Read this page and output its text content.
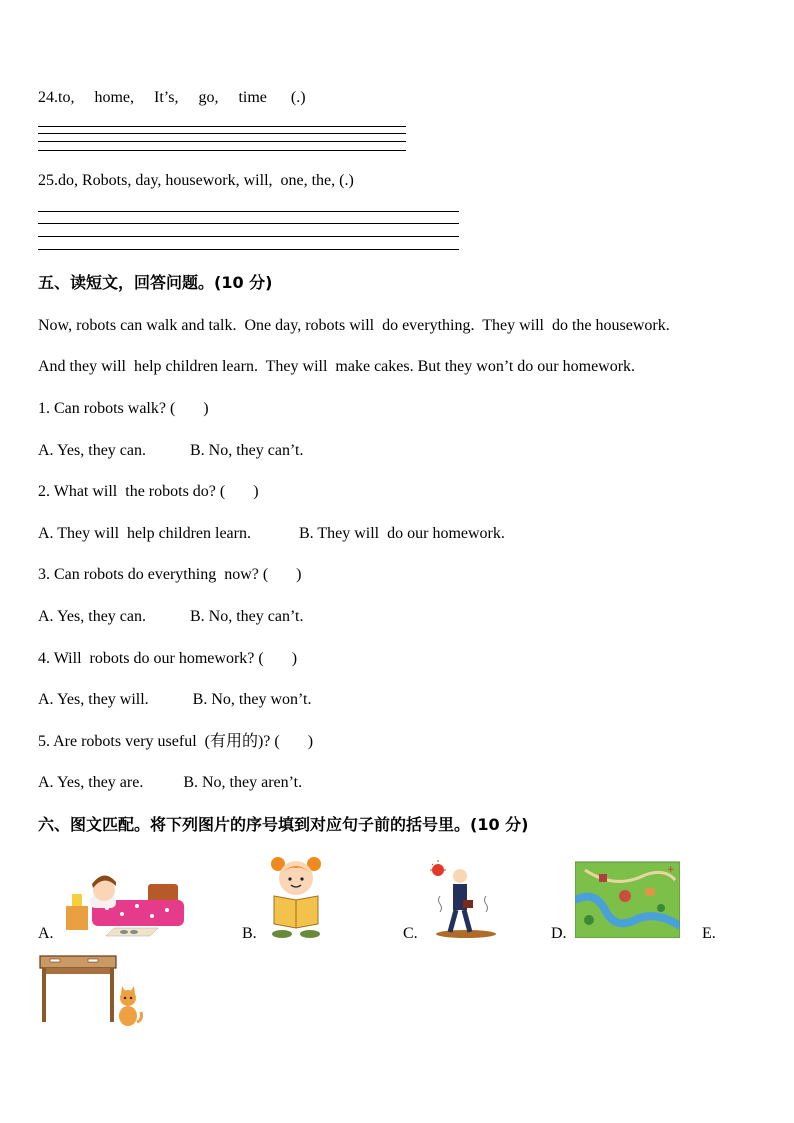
24.to,     home,     It’s,     go,     time      (.)
25.do, Robots, day, housework, will,  one, the, (.)
五、读短文，回答问题。(10 分)
Now, robots can walk and talk.  One day, robots will  do everything.  They will  do the housework.
And they will  help children learn.  They will  make cakes. But they won’t do our homework.
1. Can robots walk? (       )
A. Yes, they can.           B. No, they can’t.
2. What will  the robots do? (       )
A. They will  help children learn.            B. They will  do our homework.
3. Can robots do everything  now? (       )
A. Yes, they can.           B. No, they can’t.
4. Will  robots do our homework? (       )
A. Yes, they will.           B. No, they won’t.
5. Are robots very useful  (有用的)? (       )
A. Yes, they are.          B. No, they aren’t.
六、图文匹配。将下列图片的序号填到对应句子前的括号里。(10 分)
A.	B.	C.	D.	E.
+
